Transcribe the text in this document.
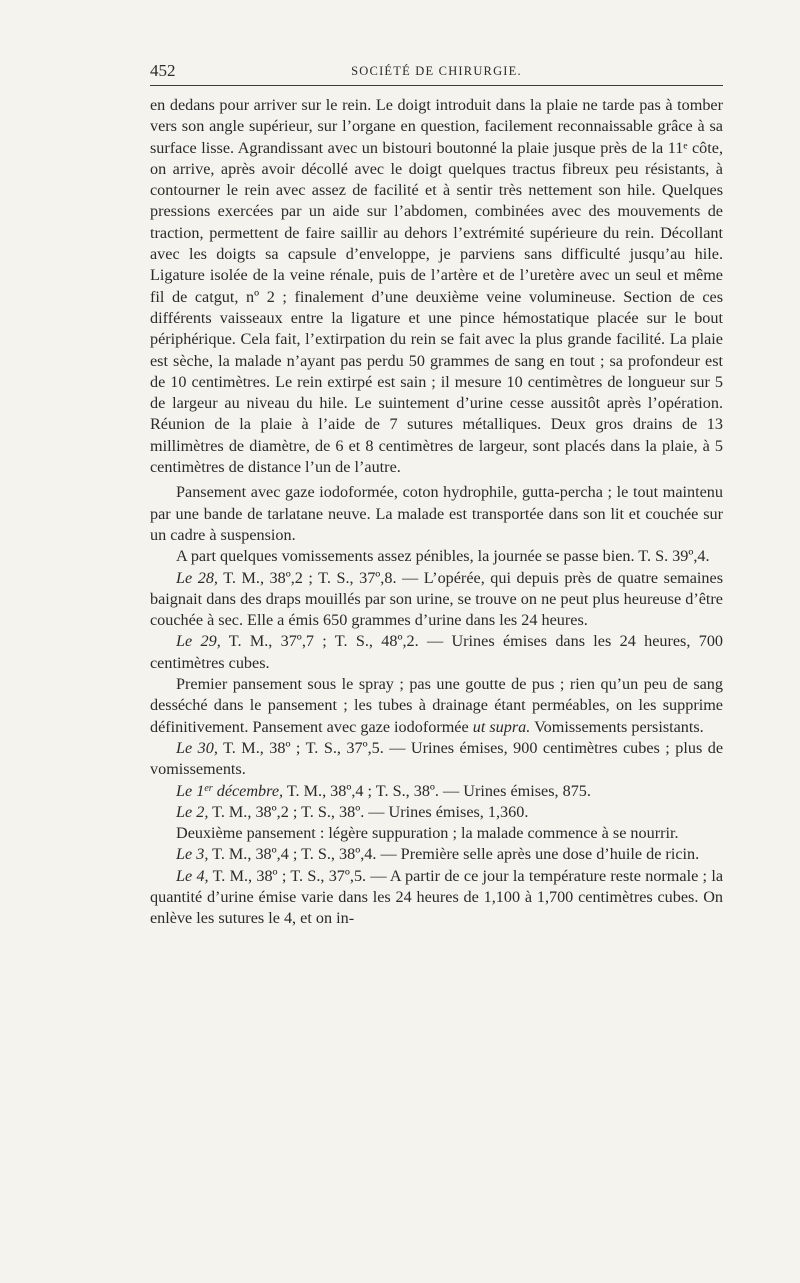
452	SOCIÉTÉ DE CHIRURGIE.

en dedans pour arriver sur le rein. Le doigt introduit dans la plaie ne tarde pas à tomber vers son angle supérieur, sur l’organe en question, facilement reconnaissable grâce à sa surface lisse. Agrandissant avec un bistouri boutonné la plaie jusque près de la 11ᵉ côte, on arrive, après avoir décollé avec le doigt quelques tractus fibreux peu résistants, à contourner le rein avec assez de facilité et à sentir très nettement son hile. Quelques pressions exercées par un aide sur l’abdomen, combinées avec des mouvements de traction, permettent de faire saillir au dehors l’extrémité supérieure du rein. Décollant avec les doigts sa capsule d’enveloppe, je parviens sans difficulté jusqu’au hile. Ligature isolée de la veine rénale, puis de l’artère et de l’uretère avec un seul et même fil de catgut, nº 2 ; finalement d’une deuxième veine volumineuse. Section de ces différents vaisseaux entre la ligature et une pince hémostatique placée sur le bout périphérique. Cela fait, l’extirpation du rein se fait avec la plus grande facilité. La plaie est sèche, la malade n’ayant pas perdu 50 grammes de sang en tout ; sa profondeur est de 10 centimètres. Le rein extirpé est sain ; il mesure 10 centimètres de longueur sur 5 de largeur au niveau du hile. Le suintement d’urine cesse aussitôt après l’opération. Réunion de la plaie à l’aide de 7 sutures métalliques. Deux gros drains de 13 millimètres de diamètre, de 6 et 8 centimètres de largeur, sont placés dans la plaie, à 5 centimètres de distance l’un de l’autre.

Pansement avec gaze iodoformée, coton hydrophile, gutta-percha ; le tout maintenu par une bande de tarlatane neuve. La malade est transportée dans son lit et couchée sur un cadre à suspension.

A part quelques vomissements assez pénibles, la journée se passe bien. T. S. 39º,4.

Le 28, T. M., 38º,2 ; T. S., 37º,8. — L’opérée, qui depuis près de quatre semaines baignait dans des draps mouillés par son urine, se trouve on ne peut plus heureuse d’être couchée à sec. Elle a émis 650 grammes d’urine dans les 24 heures.

Le 29, T. M., 37º,7 ; T. S., 48º,2. — Urines émises dans les 24 heures, 700 centimètres cubes.

Premier pansement sous le spray ; pas une goutte de pus ; rien qu’un peu de sang desséché dans le pansement ; les tubes à drainage étant perméables, on les supprime définitivement. Pansement avec gaze iodoformée ut supra. Vomissements persistants.

Le 30, T. M., 38º ; T. S., 37º,5. — Urines émises, 900 centimètres cubes ; plus de vomissements.

Le 1er décembre, T. M., 38º,4 ; T. S., 38º. — Urines émises, 875.

Le 2, T. M., 38º,2 ; T. S., 38º. — Urines émises, 1,360.

Deuxième pansement : légère suppuration ; la malade commence à se nourrir.

Le 3, T. M., 38º,4 ; T. S., 38º,4. — Première selle après une dose d’huile de ricin.

Le 4, T. M., 38º ; T. S., 37º,5. — A partir de ce jour la température reste normale ; la quantité d’urine émise varie dans les 24 heures de 1,100 à 1,700 centimètres cubes. On enlève les sutures le 4, et on in-
